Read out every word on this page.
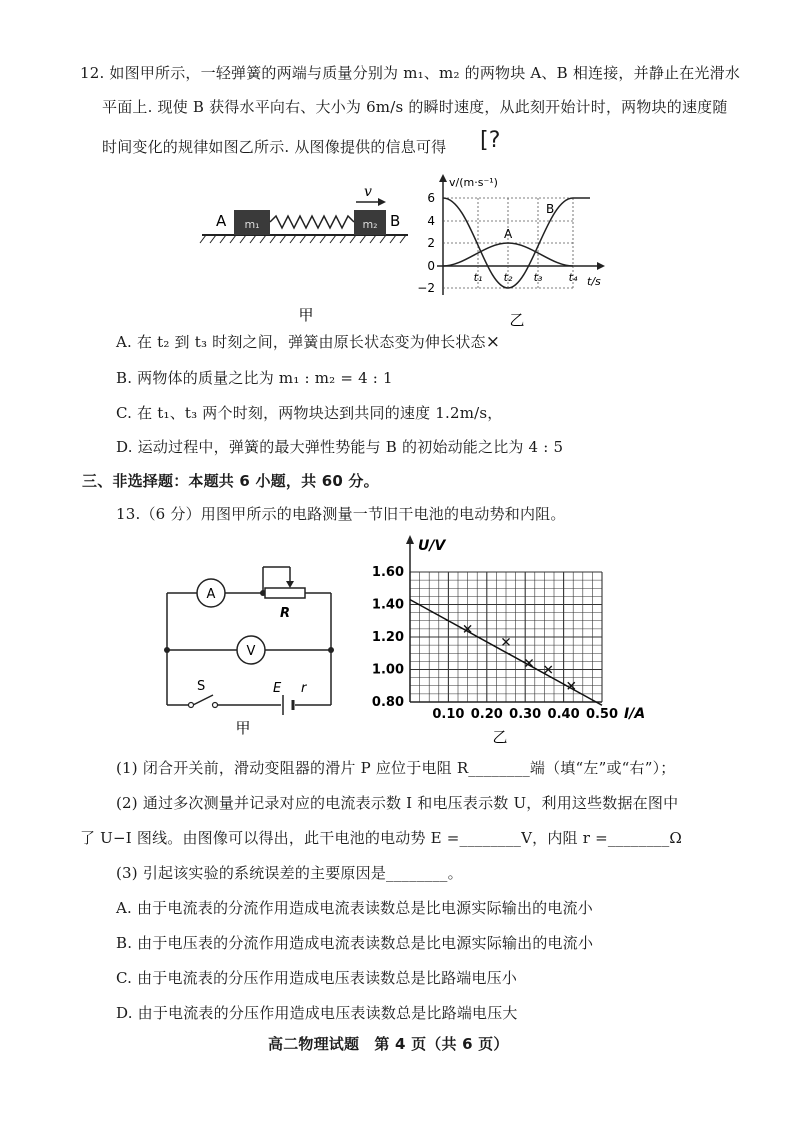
12. 如图甲所示，一轻弹簧的两端与质量分别为 m₁、m₂ 的两物块 A、B 相连接，并静止在光滑水
平面上. 现使 B 获得水平向右、大小为 6m/s 的瞬时速度，从此刻开始计时，两物块的速度随
时间变化的规律如图乙所示. 从图像提供的信息可得 [?
m₁	m₂
A	B
v
甲
v/(m·s⁻¹)
t/s
6
4
2
0
−2
t₁ t₂ t₃ t₄
A
B
乙
A. 在 t₂ 到 t₃ 时刻之间，弹簧由原长状态变为伸长状态×
B. 两物体的质量之比为 m₁ : m₂ = 4 : 1
C. 在 t₁、t₃ 两个时刻，两物块达到共同的速度 1.2m/s，
D. 运动过程中，弹簧的最大弹性势能与 B 的初始动能之比为 4 : 5
三、非选择题：本题共 6 小题，共 60 分。
13.（6 分）用图甲所示的电路测量一节旧干电池的电动势和内阻。
A
V
R
S	E r
甲
U/V
I/A
0.80
1.00
1.20
1.40
1.60
0.10 0.20 0.30 0.40 0.50
乙
(1) 闭合开关前，滑动变阻器的滑片 P 应位于电阻 R________端（填“左”或“右”）；
(2) 通过多次测量并记录对应的电流表示数 I 和电压表示数 U，利用这些数据在图中
了 U−I 图线。由图像可以得出，此干电池的电动势 E =________V，内阻 r =________Ω
(3) 引起该实验的系统误差的主要原因是________。
A. 由于电流表的分流作用造成电流表读数总是比电源实际输出的电流小
B. 由于电压表的分流作用造成电流表读数总是比电源实际输出的电流小
C. 由于电流表的分压作用造成电压表读数总是比路端电压小
D. 由于电流表的分压作用造成电压表读数总是比路端电压大
高二物理试题　第 4 页（共 6 页）
